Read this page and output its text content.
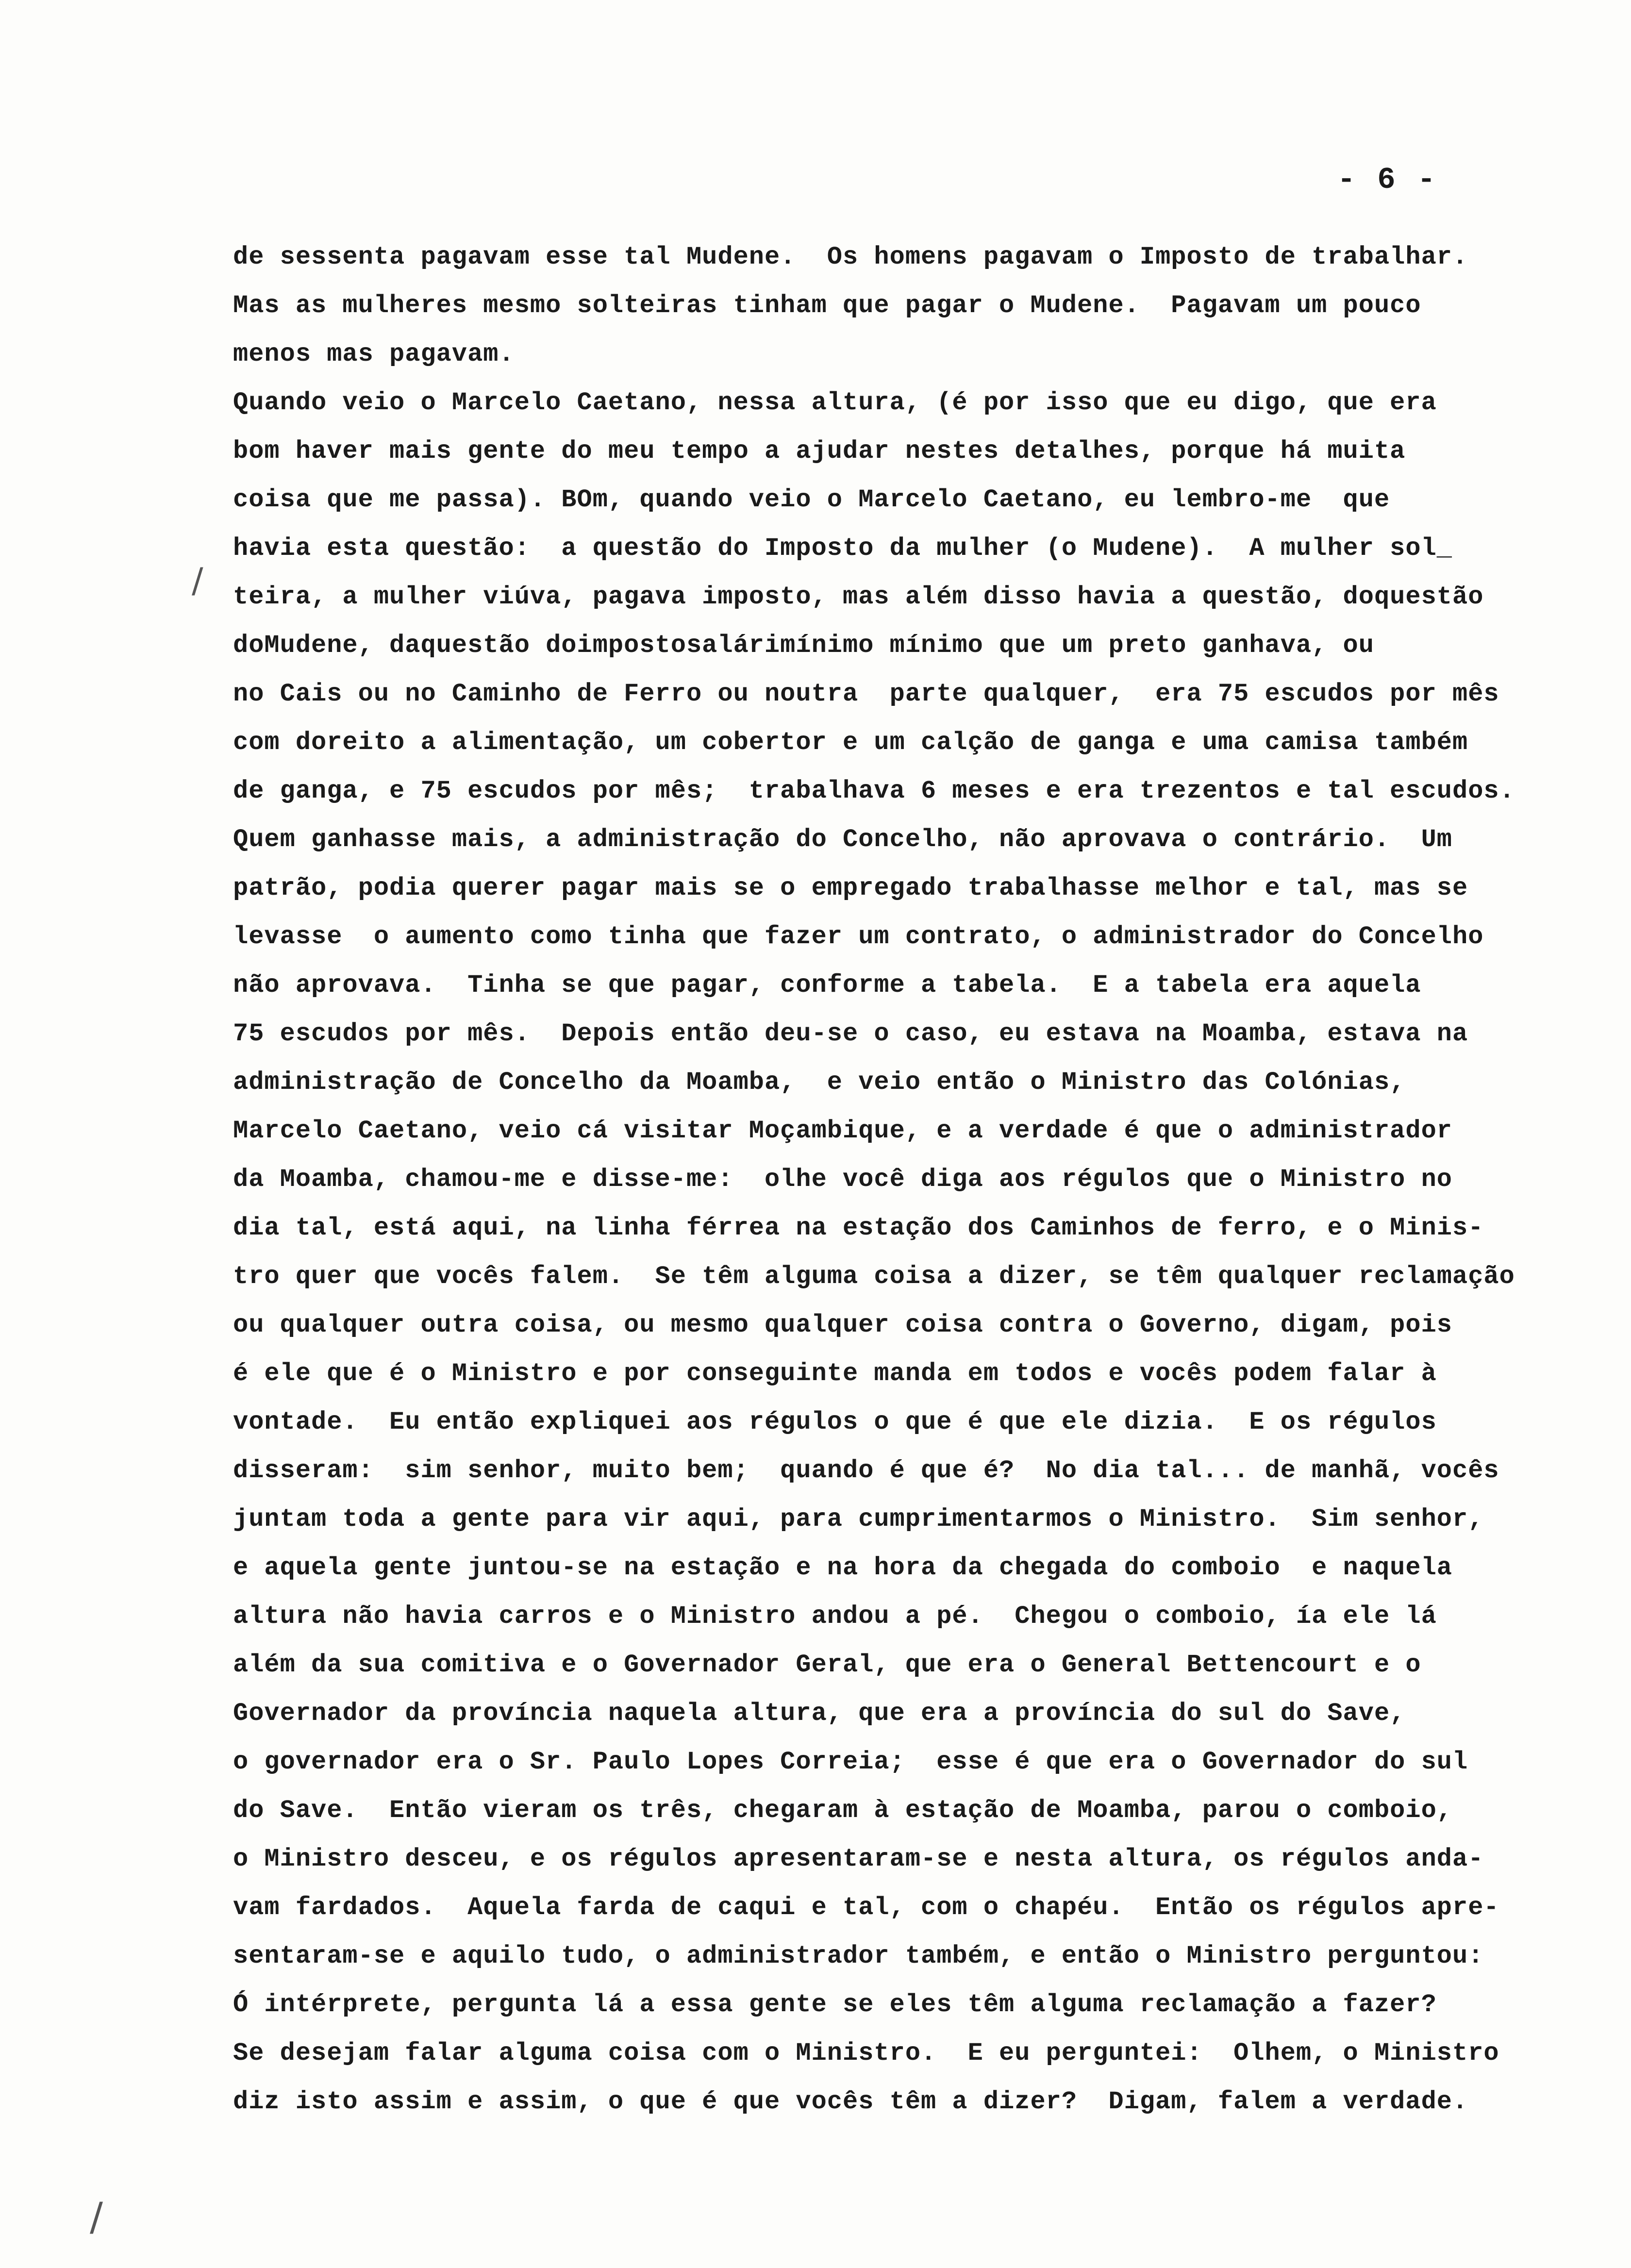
- 6 -
/
/
de sessenta pagavam esse tal Mudene.  Os homens pagavam o Imposto de trabalhar.
Mas as mulheres mesmo solteiras tinham que pagar o Mudene.  Pagavam um pouco
menos mas pagavam.
Quando veio o Marcelo Caetano, nessa altura, (é por isso que eu digo, que era
bom haver mais gente do meu tempo a ajudar nestes detalhes, porque há muita
coisa que me passa). BOm, quando veio o Marcelo Caetano, eu lembro-me  que
havia esta questão:  a questão do Imposto da mulher (o Mudene).  A mulher sol_
teira, a mulher viúva, pagava imposto, mas além disso havia a questão, doquestão
doMudene, daquestão doimpostosalárimínimo mínimo que um preto ganhava, ou
no Cais ou no Caminho de Ferro ou noutra  parte qualquer,  era 75 escudos por mês
com doreito a alimentação, um cobertor e um calção de ganga e uma camisa também
de ganga, e 75 escudos por mês;  trabalhava 6 meses e era trezentos e tal escudos.
Quem ganhasse mais, a administração do Concelho, não aprovava o contrário.  Um
patrão, podia querer pagar mais se o empregado trabalhasse melhor e tal, mas se
levasse  o aumento como tinha que fazer um contrato, o administrador do Concelho
não aprovava.  Tinha se que pagar, conforme a tabela.  E a tabela era aquela
75 escudos por mês.  Depois então deu-se o caso, eu estava na Moamba, estava na
administração de Concelho da Moamba,  e veio então o Ministro das Colónias,
Marcelo Caetano, veio cá visitar Moçambique, e a verdade é que o administrador
da Moamba, chamou-me e disse-me:  olhe você diga aos régulos que o Ministro no
dia tal, está aqui, na linha férrea na estação dos Caminhos de ferro, e o Minis-
tro quer que vocês falem.  Se têm alguma coisa a dizer, se têm qualquer reclamação
ou qualquer outra coisa, ou mesmo qualquer coisa contra o Governo, digam, pois
é ele que é o Ministro e por conseguinte manda em todos e vocês podem falar à
vontade.  Eu então expliquei aos régulos o que é que ele dizia.  E os régulos
disseram:  sim senhor, muito bem;  quando é que é?  No dia tal... de manhã, vocês
juntam toda a gente para vir aqui, para cumprimentarmos o Ministro.  Sim senhor,
e aquela gente juntou-se na estação e na hora da chegada do comboio  e naquela
altura não havia carros e o Ministro andou a pé.  Chegou o comboio, ía ele lá
além da sua comitiva e o Governador Geral, que era o General Bettencourt e o
Governador da província naquela altura, que era a província do sul do Save,
o governador era o Sr. Paulo Lopes Correia;  esse é que era o Governador do sul
do Save.  Então vieram os três, chegaram à estação de Moamba, parou o comboio,
o Ministro desceu, e os régulos apresentaram-se e nesta altura, os régulos anda-
vam fardados.  Aquela farda de caqui e tal, com o chapéu.  Então os régulos apre-
sentaram-se e aquilo tudo, o administrador também, e então o Ministro perguntou:
Ó intérprete, pergunta lá a essa gente se eles têm alguma reclamação a fazer?
Se desejam falar alguma coisa com o Ministro.  E eu perguntei:  Olhem, o Ministro
diz isto assim e assim, o que é que vocês têm a dizer?  Digam, falem a verdade.
